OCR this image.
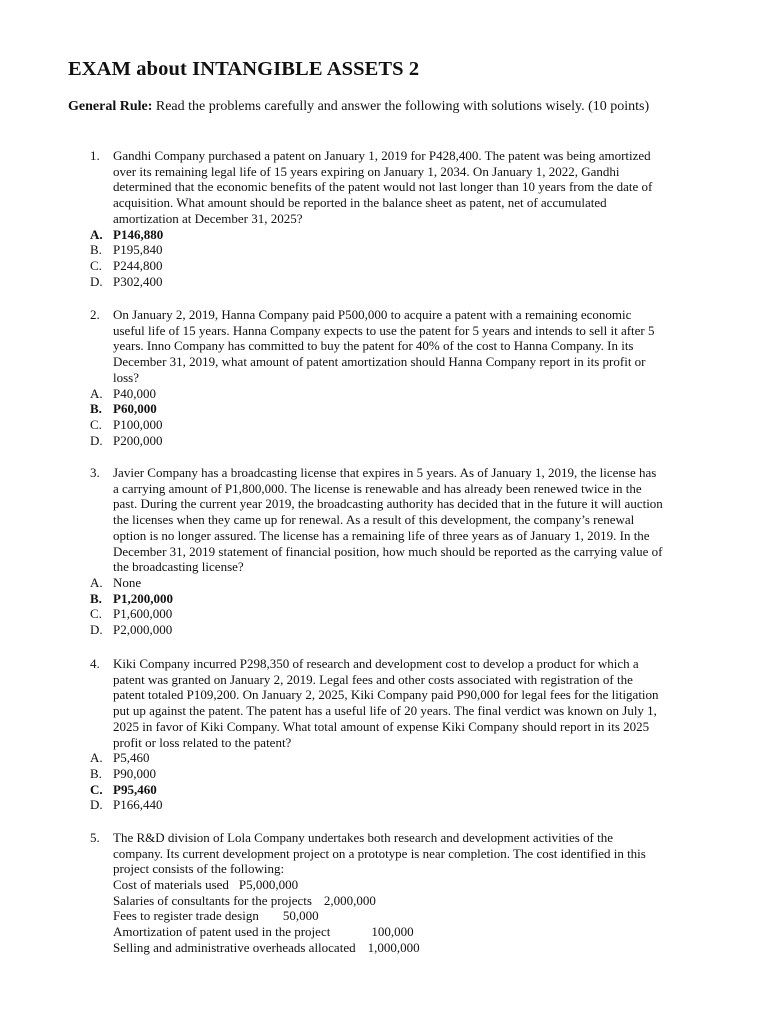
EXAM about INTANGIBLE ASSETS 2
General Rule: Read the problems carefully and answer the following with solutions wisely. (10 points)
1.	Gandhi Company purchased a patent on January 1, 2019 for P428,400. The patent was being amortized
over its remaining legal life of 15 years expiring on January 1, 2034. On January 1, 2022, Gandhi
determined that the economic benefits of the patent would not last longer than 10 years from the date of
acquisition. What amount should be reported in the balance sheet as patent, net of accumulated
amortization at December 31, 2025?
A. P146,880
B. P195,840
C. P244,800
D. P302,400
2.	On January 2, 2019, Hanna Company paid P500,000 to acquire a patent with a remaining economic
useful life of 15 years. Hanna Company expects to use the patent for 5 years and intends to sell it after 5
years. Inno Company has committed to buy the patent for 40% of the cost to Hanna Company. In its
December 31, 2019, what amount of patent amortization should Hanna Company report in its profit or
loss?
A. P40,000
B. P60,000
C. P100,000
D. P200,000
3.	Javier Company has a broadcasting license that expires in 5 years. As of January 1, 2019, the license has
a carrying amount of P1,800,000. The license is renewable and has already been renewed twice in the
past. During the current year 2019, the broadcasting authority has decided that in the future it will auction
the licenses when they came up for renewal. As a result of this development, the company’s renewal
option is no longer assured. The license has a remaining life of three years as of January 1, 2019. In the
December 31, 2019 statement of financial position, how much should be reported as the carrying value of
the broadcasting license?
A. None
B. P1,200,000
C. P1,600,000
D. P2,000,000
4.	Kiki Company incurred P298,350 of research and development cost to develop a product for which a
patent was granted on January 2, 2019. Legal fees and other costs associated with registration of the
patent totaled P109,200. On January 2, 2025, Kiki Company paid P90,000 for legal fees for the litigation
put up against the patent. The patent has a useful life of 20 years. The final verdict was known on July 1,
2025 in favor of Kiki Company. What total amount of expense Kiki Company should report in its 2025
profit or loss related to the patent?
A. P5,460
B. P90,000
C. P95,460
D. P166,440
5.	The R&D division of Lola Company undertakes both research and development activities of the
company. Its current development project on a prototype is near completion. The cost identified in this
project consists of the following:
Cost of materials used P5,000,000
Salaries of consultants for the projects 2,000,000
Fees to register trade design 50,000
Amortization of patent used in the project	100,000
Selling and administrative overheads allocated 1,000,000
